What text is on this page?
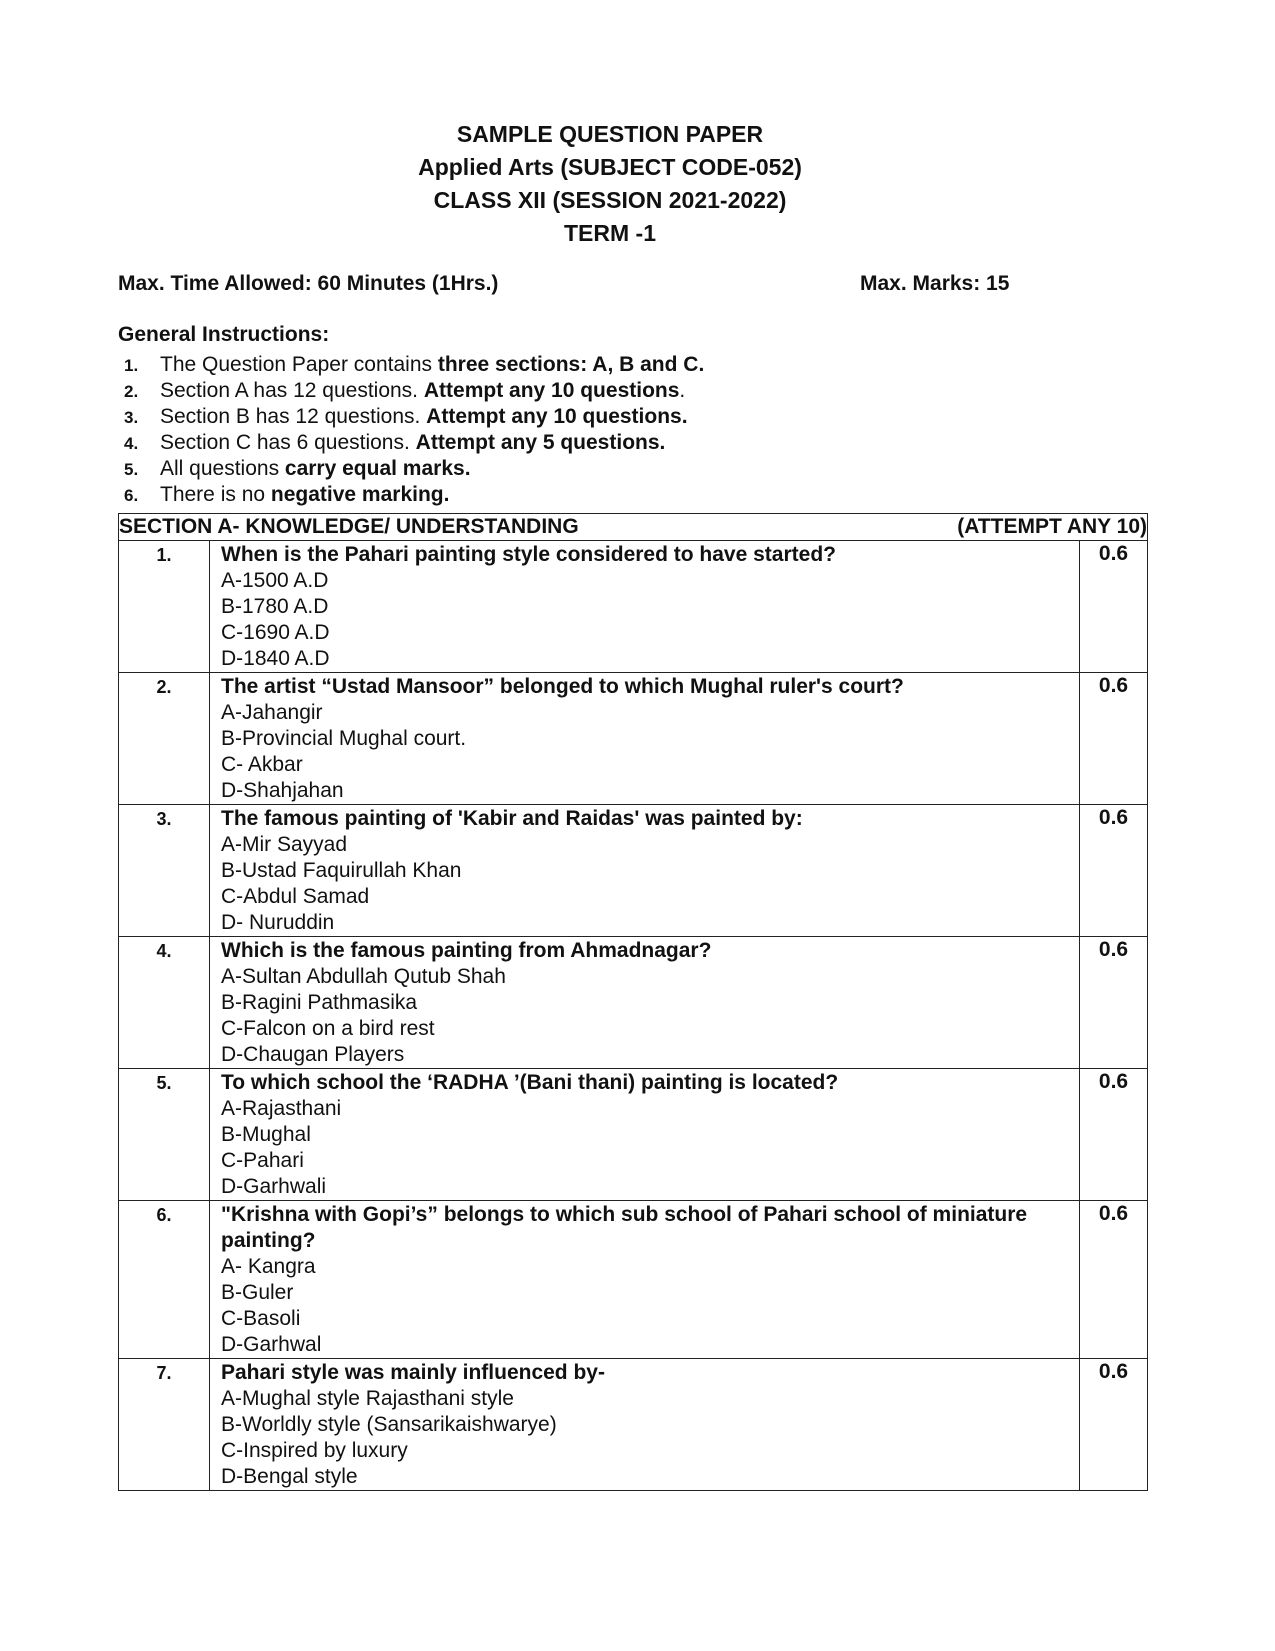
SAMPLE QUESTION PAPER
Applied Arts (SUBJECT CODE-052)
CLASS XII (SESSION 2021-2022)
TERM -1
Max. Time Allowed: 60 Minutes (1Hrs.)	Max. Marks: 15
General Instructions:
1. The Question Paper contains three sections: A, B and C.
2. Section A has 12 questions. Attempt any 10 questions.
3. Section B has 12 questions. Attempt any 10 questions.
4. Section C has 6 questions. Attempt any 5 questions.
5. All questions carry equal marks.
6. There is no negative marking.
SECTION A- KNOWLEDGE/ UNDERSTANDING (ATTEMPT ANY 10)		

1.	When is the Pahari painting style considered to have started?
A-1500 A.D
B-1780 A.D
C-1690 A.D
D-1840 A.D	0.6
2.	The artist “Ustad Mansoor” belonged to which Mughal ruler's court?
A-Jahangir
B-Provincial Mughal court.
C- Akbar
D-Shahjahan	0.6
3.	The famous painting of 'Kabir and Raidas' was painted by:
A-Mir Sayyad
B-Ustad Faquirullah Khan
C-Abdul Samad
D- Nuruddin	0.6
4.	Which is the famous painting from Ahmadnagar?
A-Sultan Abdullah Qutub Shah
B-Ragini Pathmasika
C-Falcon on a bird rest
D-Chaugan Players	0.6
5.	To which school the ‘RADHA ’(Bani thani) painting is located?
A-Rajasthani
B-Mughal
C-Pahari
D-Garhwali	0.6
6.	"Krishna with Gopi’s” belongs to which sub school of Pahari school of miniature painting?
A- Kangra
B-Guler
C-Basoli
D-Garhwal	0.6
7.	Pahari style was mainly influenced by-
A-Mughal style Rajasthani style
B-Worldly style (Sansarikaishwarye)
C-Inspired by luxury
D-Bengal style	0.6
